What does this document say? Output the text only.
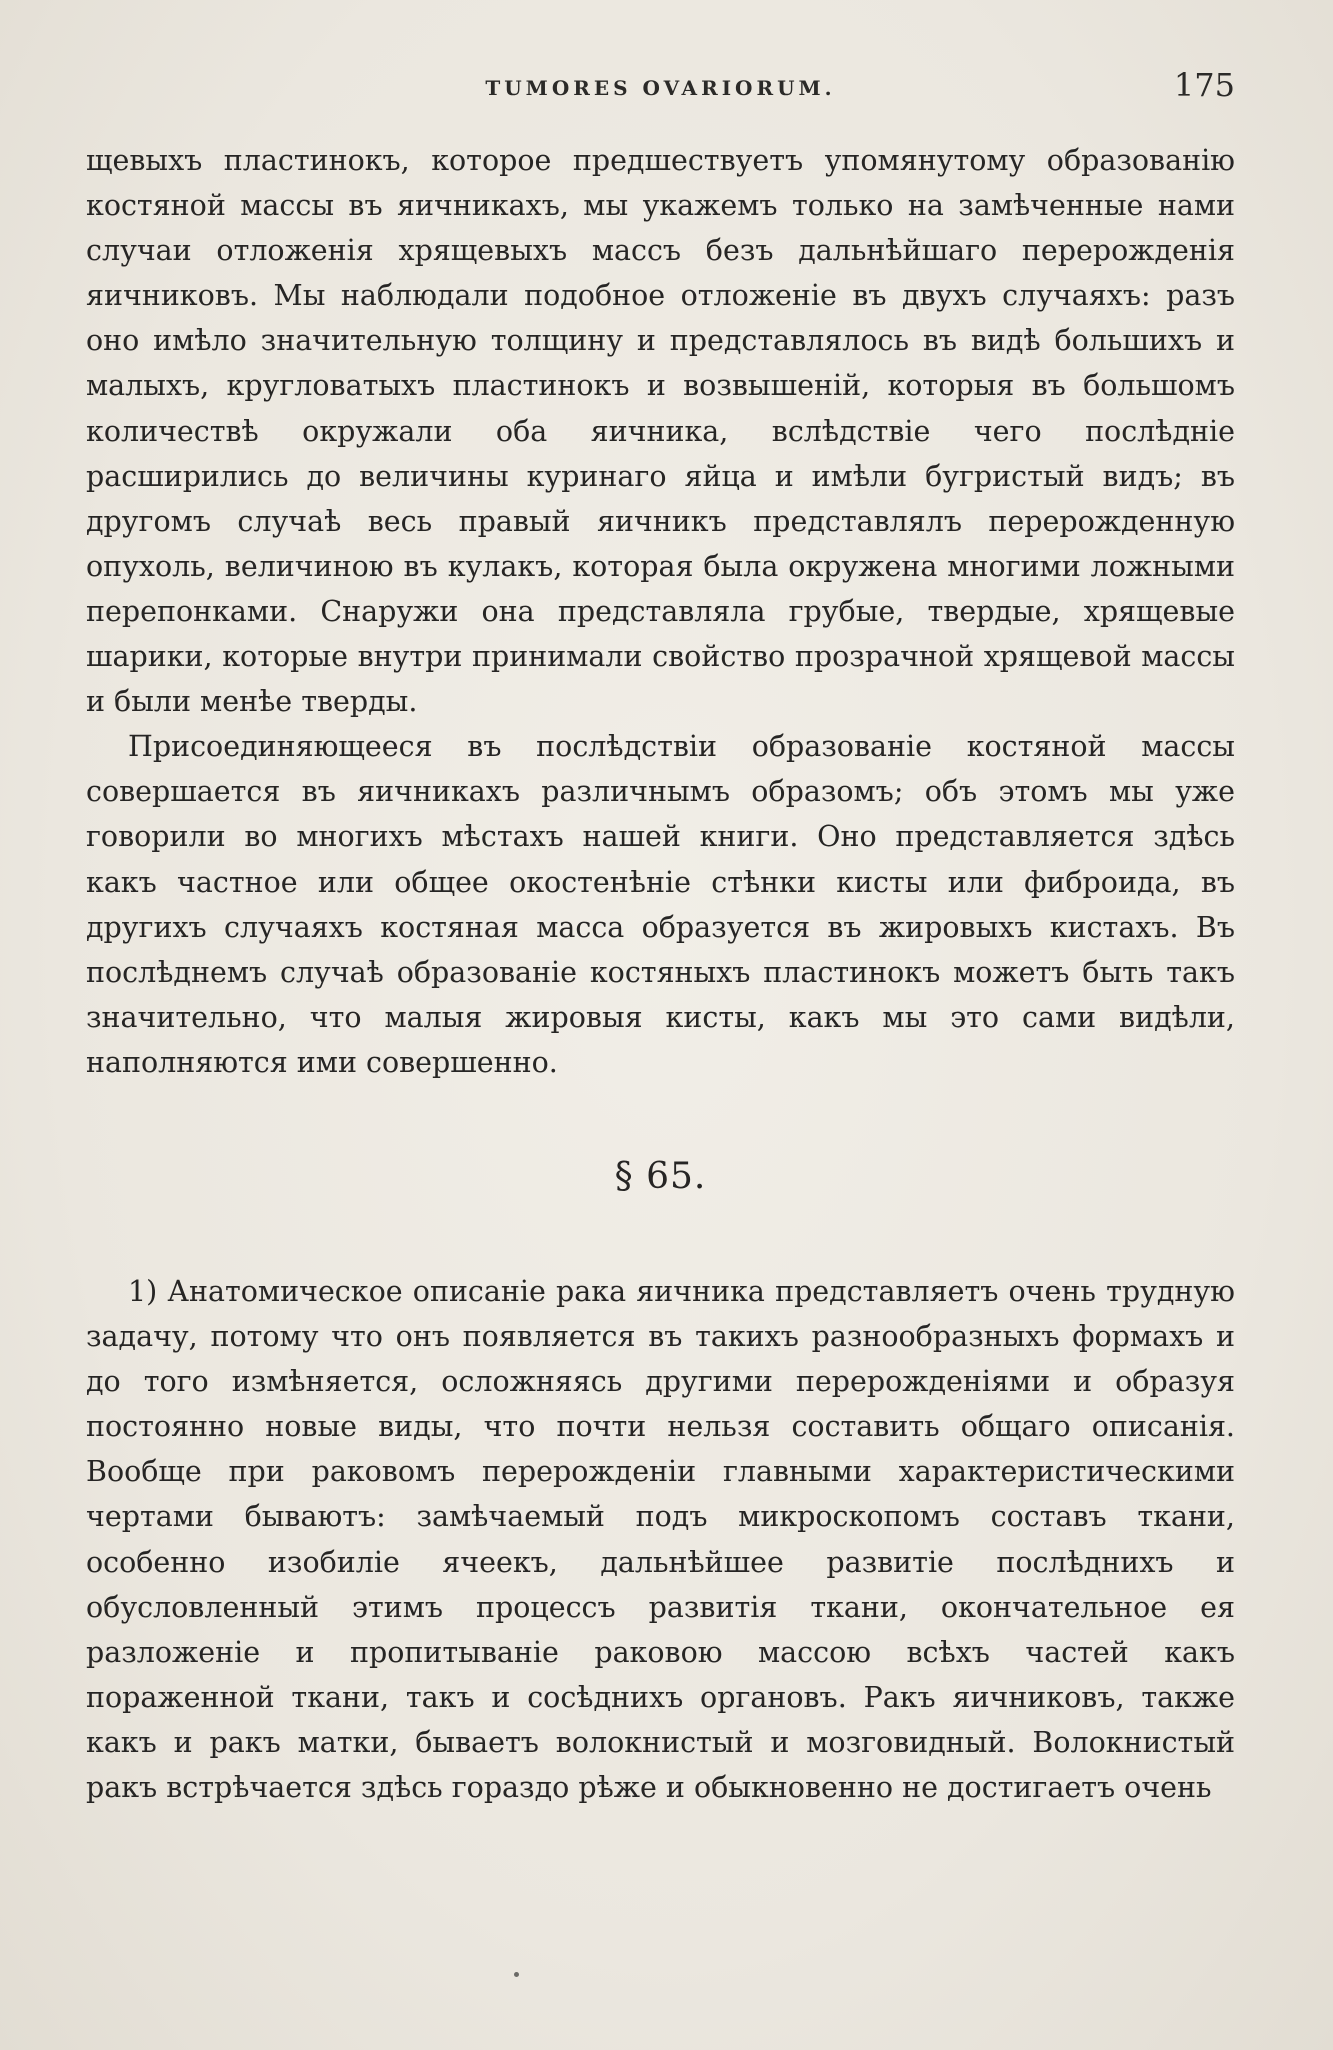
TUMORES OVARIORUM.	175

щевыхъ пластинокъ, которое предшествуетъ упомянутому образованію костяной массы въ яичникахъ, мы укажемъ только на замѣченные нами случаи отложенія хрящевыхъ массъ безъ дальнѣйшаго перерожденія яичниковъ. Мы наблюдали подобное отложеніе въ двухъ случаяхъ: разъ оно имѣло значительную толщину и представлялось въ видѣ большихъ и малыхъ, кругловатыхъ пластинокъ и возвышеній, которыя въ большомъ количествѣ окружали оба яичника, вслѣдствіе чего послѣдніе расширились до величины куринаго яйца и имѣли бугристый видъ; въ другомъ случаѣ весь правый яичникъ представлялъ перерожденную опухоль, величиною въ кулакъ, которая была окружена многими ложными перепонками. Снаружи она представляла грубые, твердые, хрящевые шарики, которые внутри принимали свойство прозрачной хрящевой массы и были менѣе тверды.

Присоединяющееся въ послѣдствіи образованіе костяной массы совершается въ яичникахъ различнымъ образомъ; объ этомъ мы уже говорили во многихъ мѣстахъ нашей книги. Оно представляется здѣсь какъ частное или общее окостенѣніе стѣнки кисты или фиброида, въ другихъ случаяхъ костяная масса образуется въ жировыхъ кистахъ. Въ послѣднемъ случаѣ образованіе костяныхъ пластинокъ можетъ быть такъ значительно, что малыя жировыя кисты, какъ мы это сами видѣли, наполняются ими совершенно.

§ 65.

1) Анатомическое описаніе рака яичника представляетъ очень трудную задачу, потому что онъ появляется въ такихъ разнообразныхъ формахъ и до того измѣняется, осложняясь другими перерожденіями и образуя постоянно новые виды, что почти нельзя составить общаго описанія. Вообще при раковомъ перерожденіи главными характеристическими чертами бываютъ: замѣчаемый подъ микроскопомъ составъ ткани, особенно изобиліе ячеекъ, дальнѣйшее развитіе послѣднихъ и обусловленный этимъ процессъ развитія ткани, окончательное ея разложеніе и пропитываніе раковою массою всѣхъ частей какъ пораженной ткани, такъ и сосѣднихъ органовъ. Ракъ яичниковъ, также какъ и ракъ матки, бываетъ волокнистый и мозговидный. Волокнистый ракъ встрѣчается здѣсь гораздо рѣже и обыкновенно не достигаетъ очень
